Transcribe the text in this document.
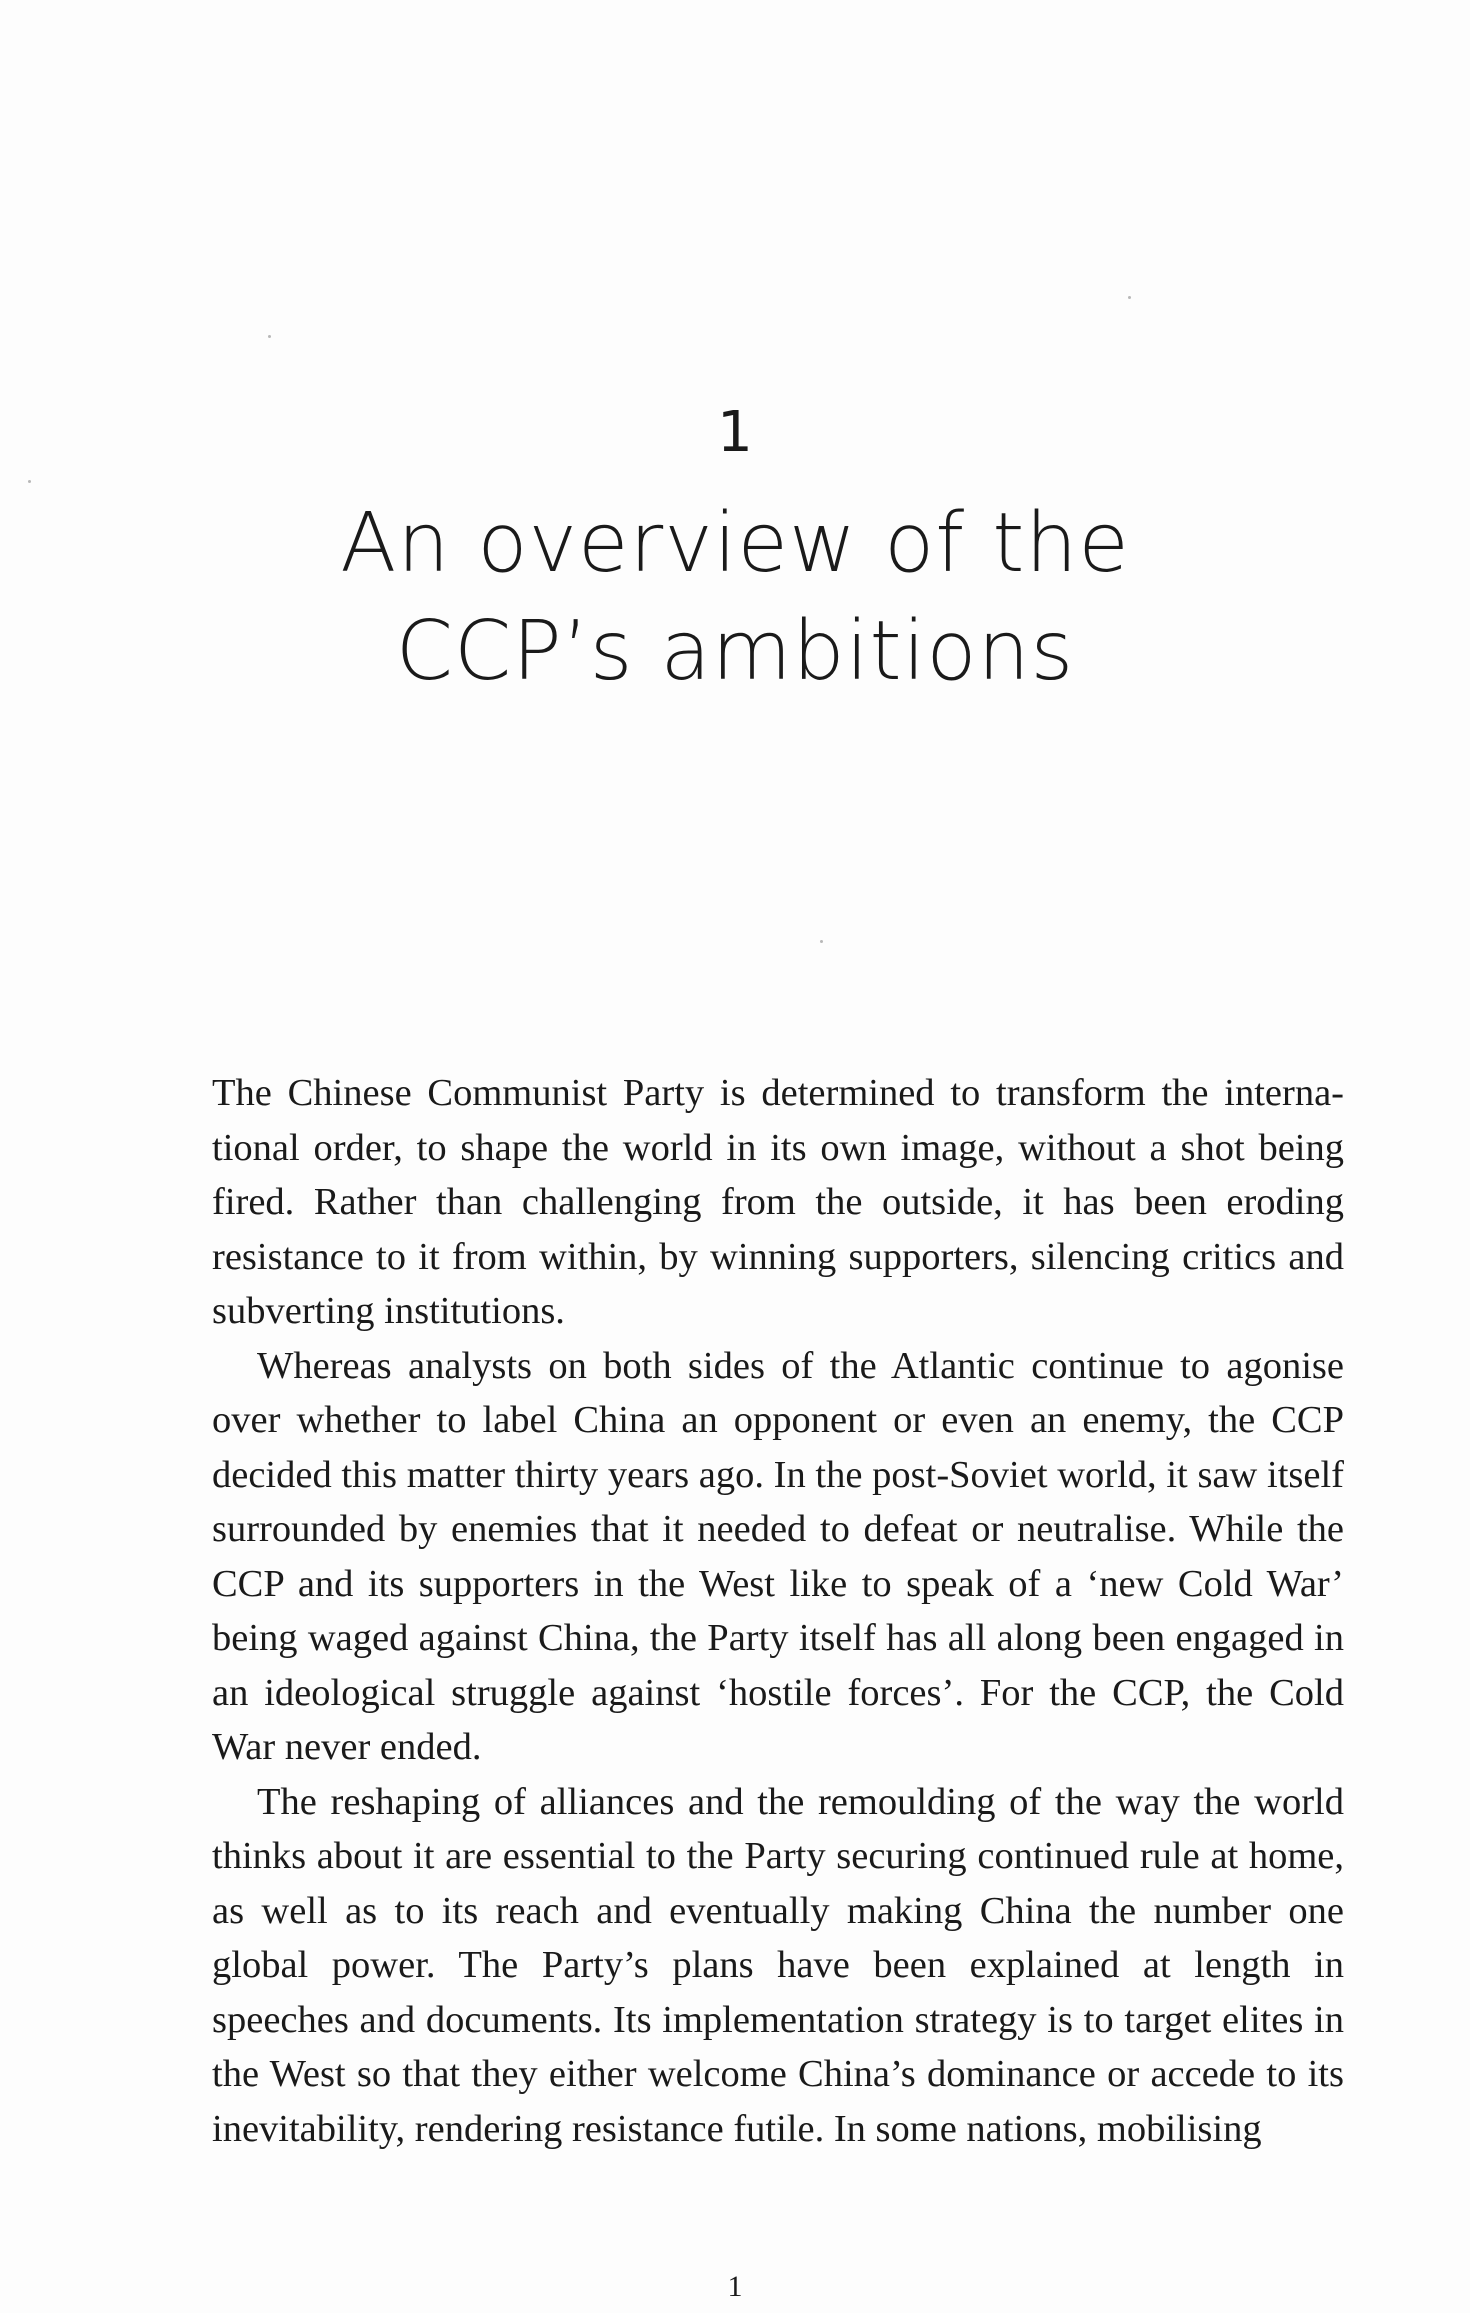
1
An overview of the
CCP’s ambitions

The Chinese Communist Party is determined to transform the international order, to shape the world in its own image, without a shot being fired. Rather than challenging from the outside, it has been eroding resistance to it from within, by winning supporters, silencing critics and subverting institutions.

Whereas analysts on both sides of the Atlantic continue to agonise over whether to label China an opponent or even an enemy, the CCP decided this matter thirty years ago. In the post-Soviet world, it saw itself surrounded by enemies that it needed to defeat or neutralise. While the CCP and its supporters in the West like to speak of a ‘new Cold War’ being waged against China, the Party itself has all along been engaged in an ideological struggle against ‘hostile forces’. For the CCP, the Cold War never ended.

The reshaping of alliances and the remoulding of the way the world thinks about it are essential to the Party securing continued rule at home, as well as to its reach and eventually making China the number one global power. The Party’s plans have been explained at length in speeches and documents. Its implementation strategy is to target elites in the West so that they either welcome China’s dominance or accede to its inevitability, rendering resistance futile. In some nations, mobilising

1
